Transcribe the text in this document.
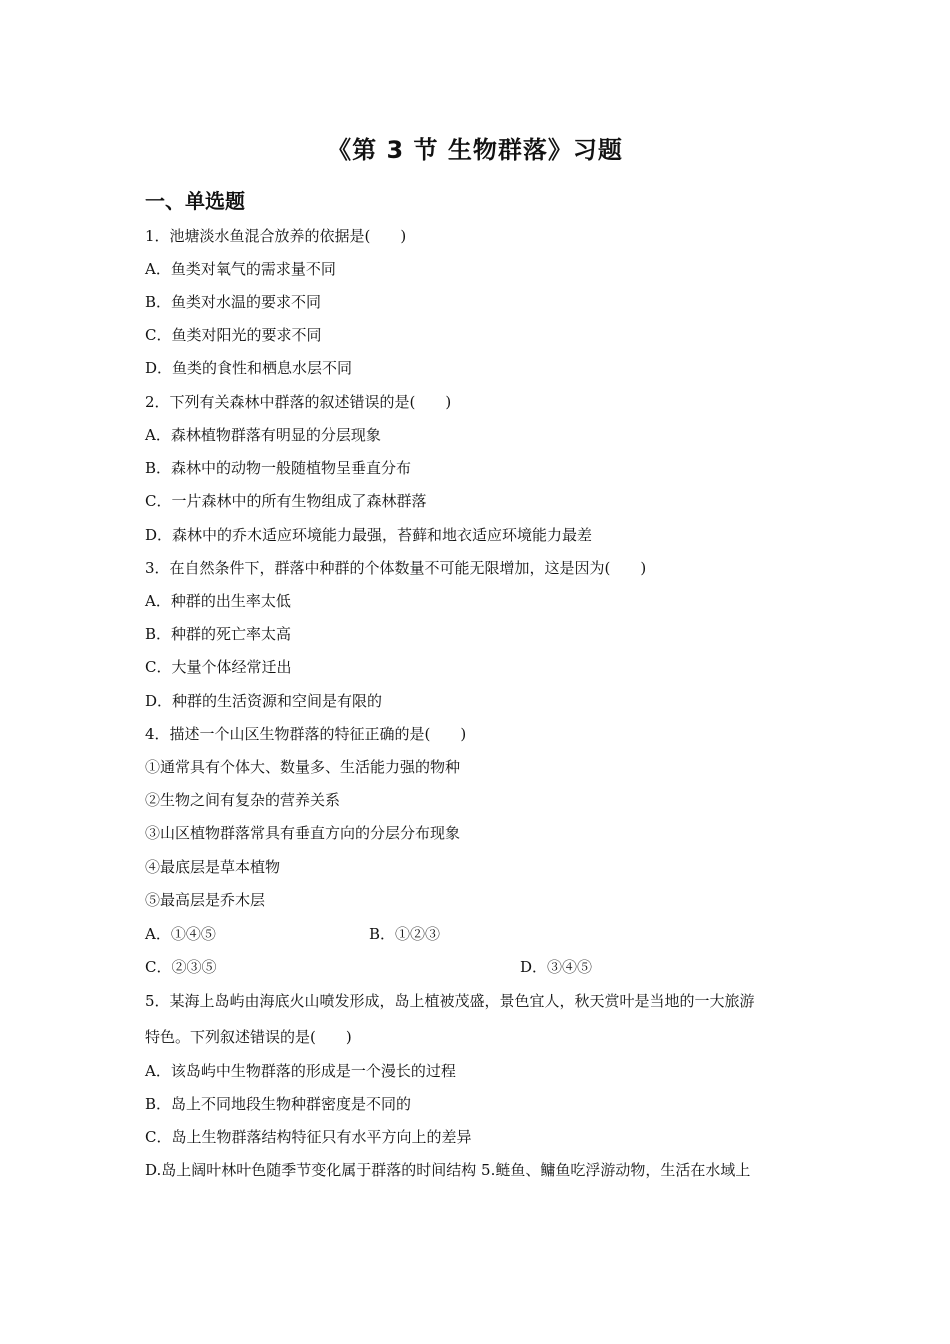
《第 3 节 生物群落》习题
一、单选题
1．池塘淡水鱼混合放养的依据是(　　)
A．鱼类对氧气的需求量不同
B．鱼类对水温的要求不同
C．鱼类对阳光的要求不同
D．鱼类的食性和栖息水层不同
2．下列有关森林中群落的叙述错误的是(　　)
A．森林植物群落有明显的分层现象
B．森林中的动物一般随植物呈垂直分布
C．一片森林中的所有生物组成了森林群落
D．森林中的乔木适应环境能力最强，苔藓和地衣适应环境能力最差
3．在自然条件下，群落中种群的个体数量不可能无限增加，这是因为(　　)
A．种群的出生率太低
B．种群的死亡率太高
C．大量个体经常迁出
D．种群的生活资源和空间是有限的
4．描述一个山区生物群落的特征正确的是(　　)
①通常具有个体大、数量多、生活能力强的物种
②生物之间有复杂的营养关系
③山区植物群落常具有垂直方向的分层分布现象
④最底层是草本植物
⑤最高层是乔木层
A．①④⑤	B．①②③
C．②③⑤	D．③④⑤
5．某海上岛屿由海底火山喷发形成，岛上植被茂盛，景色宜人，秋天赏叶是当地的一大旅游
特色。下列叙述错误的是(　　)
A．该岛屿中生物群落的形成是一个漫长的过程
B．岛上不同地段生物种群密度是不同的
C．岛上生物群落结构特征只有水平方向上的差异
D.岛上阔叶林叶色随季节变化属于群落的时间结构 5.鲢鱼、鳙鱼吃浮游动物，生活在水域上
